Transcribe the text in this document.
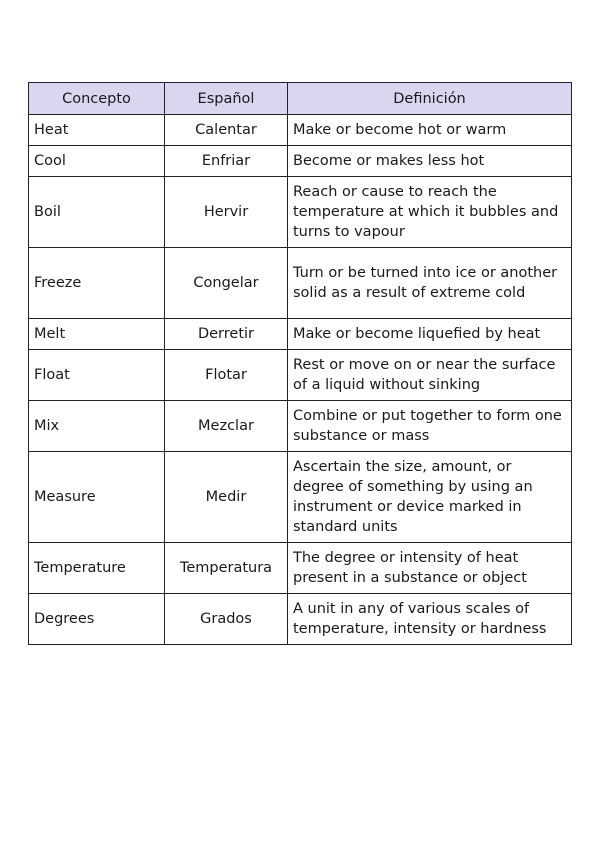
Concepto	Español	Definición
Heat	Calentar	Make or become hot or warm
Cool	Enfriar	Become or makes less hot
Boil	Hervir	Reach or cause to reach the temperature at which it bubbles and turns to vapour
Freeze	Congelar	Turn or be turned into ice or another solid as a result of extreme cold
Melt	Derretir	Make or become liquefied by heat
Float	Flotar	Rest or move on or near the surface of a liquid without sinking
Mix	Mezclar	Combine or put together to form one substance or mass
Measure	Medir	Ascertain the size, amount, or degree of something by using an instrument or device marked in standard units
Temperature	Temperatura	The degree or intensity of heat present in a substance or object
Degrees	Grados	A unit in any of various scales of temperature, intensity or hardness
